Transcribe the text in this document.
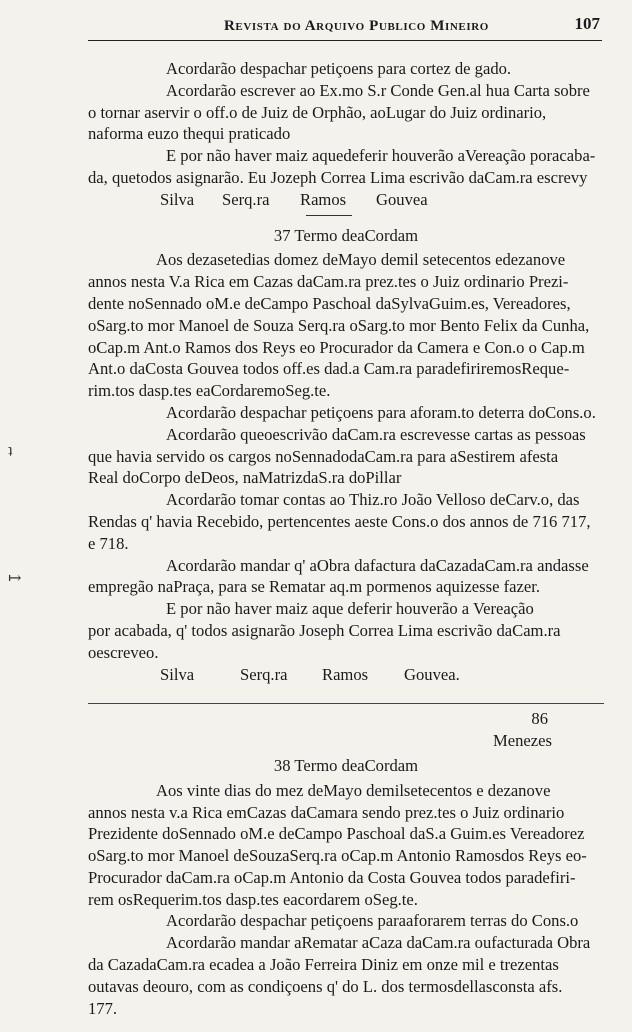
Revista do Arquivo Publico Mineiro	107
ʇ
↦
Acordarão despachar petiçoens para cortez de gado.
Acordarão escrever ao Ex.mo S.r Conde Gen.al hua Carta sobre
o tornar aservir o off.o de Juiz de Orphão, aoLugar do Juiz ordinario,
naforma euzo thequi praticado
E por não haver maiz aquedeferir houverão aVereação poracaba-
da, quetodos asignarão. Eu Jozeph Correa Lima escrivão daCam.ra escrevy
Silva	Serq.ra	Ramos	Gouvea
37 Termo deaCordam
Aos dezasetedias domez deMayo demil setecentos edezanove
annos nesta V.a Rica em Cazas daCam.ra prez.tes o Juiz ordinario Prezi-
dente noSennado oM.e deCampo Paschoal daSylvaGuim.es, Vereadores,
oSarg.to mor Manoel de Souza Serq.ra oSarg.to mor Bento Felix da Cunha,
oCap.m Ant.o Ramos dos Reys eo Procurador da Camera e Con.o o Cap.m
Ant.o daCosta Gouvea todos off.es dad.a Cam.ra paradefiriremosReque-
rim.tos dasp.tes eaCordaremoSeg.te.
Acordarão despachar petiçoens para aforam.to deterra doCons.o.
Acordarão queoescrivão daCam.ra escrevesse cartas as pessoas
que havia servido os cargos noSennadodaCam.ra para aSestirem afesta
Real doCorpo deDeos, naMatrizdaS.ra doPillar
Acordarão tomar contas ao Thiz.ro João Velloso deCarv.o, das
Rendas q' havia Recebido, pertencentes aeste Cons.o dos annos de 716 717,
e 718.
Acordarão mandar q' aObra dafactura daCazadaCam.ra andasse
empregão naPraça, para se Rematar aq.m pormenos aquizesse fazer.
E por não haver maiz aque deferir houverão a Vereação
por acabada, q' todos asignarão Joseph Correa Lima escrivão daCam.ra
oescreveo.
Silva	Serq.ra	Ramos	Gouvea.
86
Menezes
38 Termo deaCordam
Aos vinte dias do mez deMayo demilsetecentos e dezanove
annos nesta v.a Rica emCazas daCamara sendo prez.tes o Juiz ordinario
Prezidente doSennado oM.e deCampo Paschoal daS.a Guim.es Vereadorez
oSarg.to mor Manoel deSouzaSerq.ra oCap.m Antonio Ramosdos Reys eo-
Procurador daCam.ra oCap.m Antonio da Costa Gouvea todos paradefiri-
rem osRequerim.tos dasp.tes eacordarem oSeg.te.
Acordarão despachar petiçoens paraaforarem terras do Cons.o
Acordarão mandar aRematar aCaza daCam.ra oufacturada Obra
da CazadaCam.ra ecadea a João Ferreira Diniz em onze mil e trezentas
outavas deouro, com as condiçoens q' do L. dos termosdellasconsta afs.
177.
